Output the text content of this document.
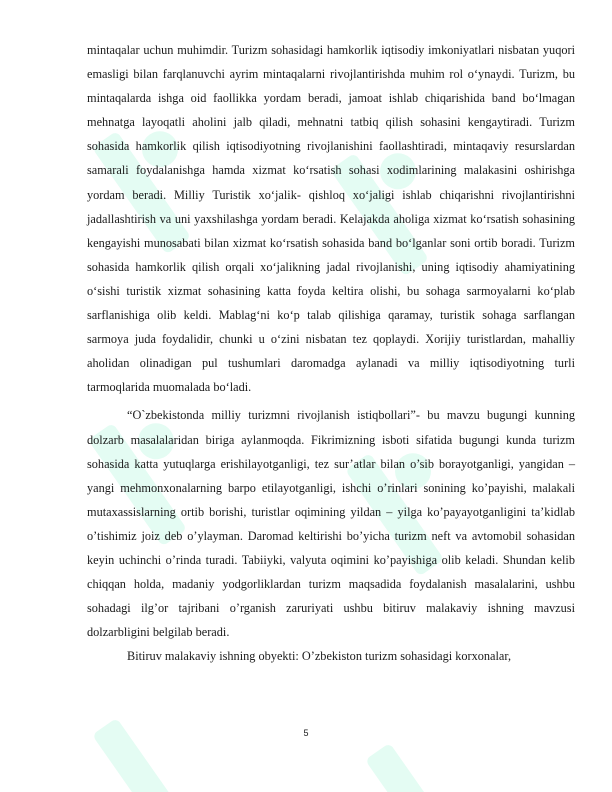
mintaqalar uchun muhimdir. Turizm sohasidagi hamkorlik iqtisodiy imkoniyatlari nisbatan yuqori emasligi bilan farqlanuvchi ayrim mintaqalarni rivojlantirishda muhim rol o‘ynaydi. Turizm, bu mintaqalarda ishga oid faollikka yordam beradi, jamoat ishlab chiqarishida band bo‘lmagan mehnatga layoqatli aholini jalb qiladi, mehnatni tatbiq qilish sohasini kengaytiradi. Turizm sohasida hamkorlik qilish iqtisodiyotning rivojlanishini faollashtiradi, mintaqaviy resurslardan samarali foydalanishga hamda xizmat ko‘rsatish sohasi xodimlarining malakasini oshirishga yordam beradi. Milliy Turistik xo‘jalik- qishloq xo‘jaligi ishlab chiqarishni rivojlantirishni jadallashtirish va uni yaxshilashga yordam beradi. Kelajakda aholiga xizmat ko‘rsatish sohasining kengayishi munosabati bilan xizmat ko‘rsatish sohasida band bo‘lganlar soni ortib boradi. Turizm sohasida hamkorlik qilish orqali xo‘jalikning jadal rivojlanishi, uning iqtisodiy ahamiyatining o‘sishi turistik xizmat sohasining katta foyda keltira olishi, bu sohaga sarmoyalarni ko‘plab sarflanishiga olib keldi. Mablag‘ni ko‘p talab qilishiga qaramay, turistik sohaga sarflangan sarmoya juda foydalidir, chunki u o‘zini nisbatan tez qoplaydi. Xorijiy turistlardan, mahalliy aholidan olinadigan pul tushumlari daromadga aylanadi va milliy iqtisodiyotning turli tarmoqlarida muomalada bo‘ladi.

“O`zbekistonda milliy turizmni rivojlanish istiqbollari”- bu mavzu bugungi kunning dolzarb masalalaridan biriga aylanmoqda. Fikrimizning isboti sifatida bugungi kunda turizm sohasida katta yutuqlarga erishilayotganligi, tez sur’atlar bilan o’sib borayotganligi, yangidan – yangi mehmonxonalarning barpo etilayotganligi, ishchi o’rinlari sonining ko’payishi, malakali mutaxassislarning ortib borishi, turistlar oqimining yildan – yilga ko’payayotganligini ta’kidlab o’tishimiz joiz deb o’ylayman. Daromad keltirishi bo’yicha turizm neft va avtomobil sohasidan keyin uchinchi o’rinda turadi. Tabiiyki, valyuta oqimini ko’payishiga olib keladi. Shundan kelib chiqqan holda, madaniy yodgorliklardan turizm maqsadida foydalanish masalalarini, ushbu sohadagi ilg’or tajribani o’rganish zaruriyati ushbu bitiruv malakaviy ishning mavzusi dolzarbligini belgilab beradi.

Bitiruv malakaviy ishning obyekti: O’zbekiston turizm sohasidagi korxonalar,

5
